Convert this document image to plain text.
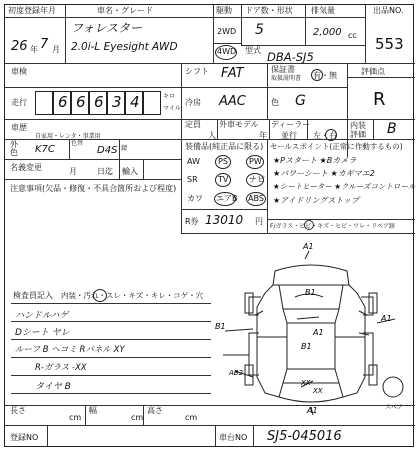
初度登録年月	車名・グレード	駆動 ドア数・形状 排気量	出品NO.
26 年 7 月
フォレスター
2.0i-L Eyesight AWD
2WD
4WD
5	2,000 cc
型式 DBA-SJ5
553
車検	シフト FAT	保証書
取扱説明書 有・無	評価点
走行 6 6 6 3 4	キロ
マイル
冷房 AAC	色 G	R
車歴
自家用・レンタ・事業用
定員
人
外車モデル
年
ディーラー
並行 左・右
内装
評価 B
外
色 K7C
色替
D4S 錆
名義変更	月	日迄 輸入
注意事項(欠品・修復・不具合箇所および程度)
装備品(純正品に限る)
AW PS	PW
SR	TV	ナビ
カワ エアB ABS
R券 13010 円
セールスポイント(正常に作動するもの)
★Pスタート ★Bカメラ
★パワーシート ★カギマエ2
★シートヒーター ★クルーズコントロール
★アイドリングストップ
F/ガラス・ビビ・キズ・ヒビ・ワレ・リペア跡
検査員記入 内装・汚れ・スレ・キズ・キレ・コゲ・穴
ハンドルハゲ
Dシート ヤレ
ルーフ B ヘコミ Rパネル XY
R-ガラス -XX
タイヤ B
A1
B1
A1
B1
AB2
B1
A1
XX
XX
A1	スペア
長さ
cm
幅
cm
高さ
cm
登録NO	車台NO SJ5-045016
